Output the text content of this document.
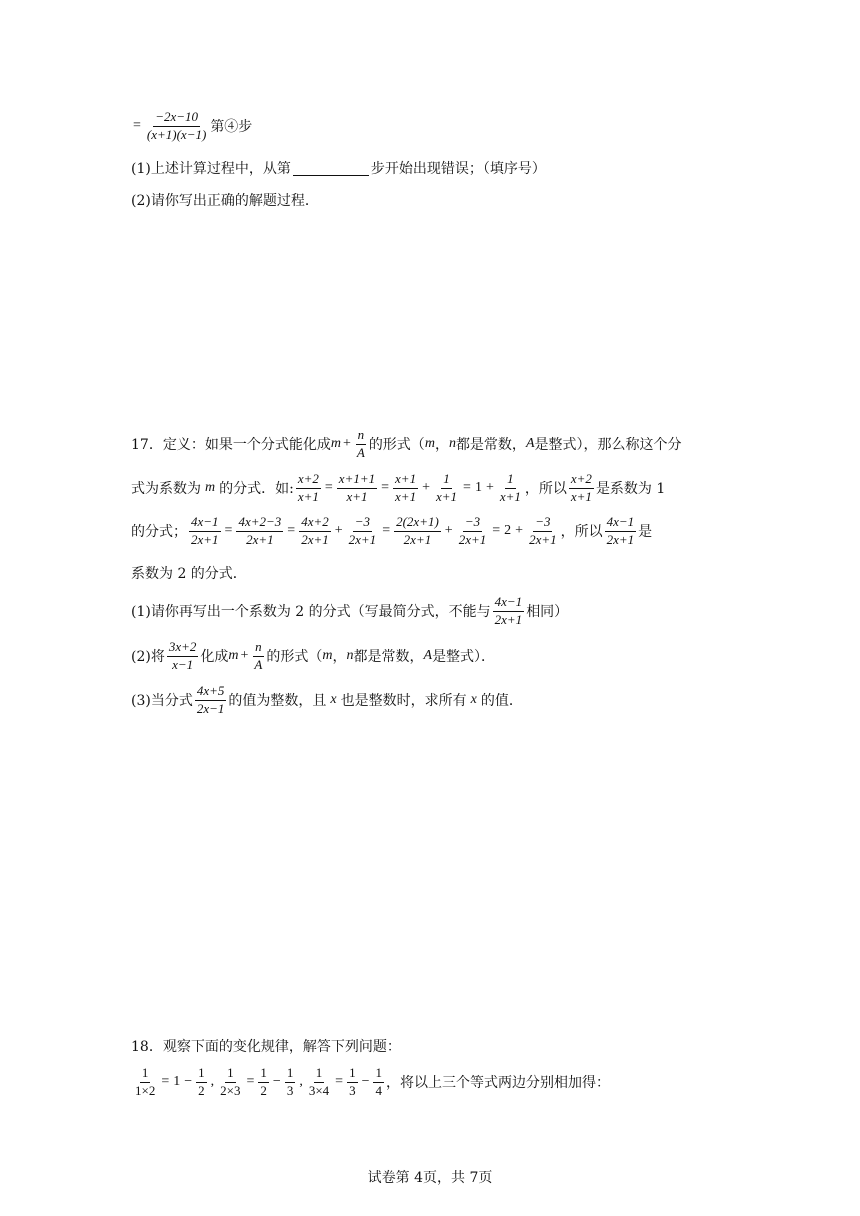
= $\frac{-2x-10}{(x+1)(x-1)}$ 第④步
(1)上述计算过程中，从第	步开始出现错误；（填序号）
(2)请你写出正确的解题过程．
17．定义：如果一个分式能化成 $m + \frac{n}{A}$ 的形式（ m ， n 都是常数， A 是整式），那么称这个分
式为系数为 m 的分式．如: $\frac{x+2}{x+1} = \frac{x+1+1}{x+1} = \frac{x+1}{x+1} + \frac{1}{x+1} = 1 + \frac{1}{x+1}$ ，所以 $\frac{x+2}{x+1}$ 是系数为 1
的分式； $\frac{4x-1}{2x+1} = \frac{4x+2-3}{2x+1} = \frac{4x+2}{2x+1} + \frac{-3}{2x+1} = \frac{2(2x+1)}{2x+1} + \frac{-3}{2x+1} = 2 + \frac{-3}{2x+1}$ ，所以 $\frac{4x-1}{2x+1}$ 是
系数为 2 的分式．
(1)请你再写出一个系数为 2 的分式（写最简分式，不能与 $\frac{4x-1}{2x+1}$ 相同）
(2)将 $\frac{3x+2}{x-1}$ 化成 $m + \frac{n}{A}$ 的形式（ m ， n 都是常数， A 是整式）．
(3)当分式 $\frac{4x+5}{2x-1}$ 的值为整数，且 x 也是整数时，求所有 x 的值．
18．观察下面的变化规律，解答下列问题：
$\frac{1}{1\times 2} = 1 - \frac{1}{2}$ , $\frac{1}{2\times 3} = \frac{1}{2} - \frac{1}{3}$ , $\frac{1}{3\times 4} = \frac{1}{3} - \frac{1}{4}$ ，将以上三个等式两边分别相加得：
试卷第 4页，共 7页
